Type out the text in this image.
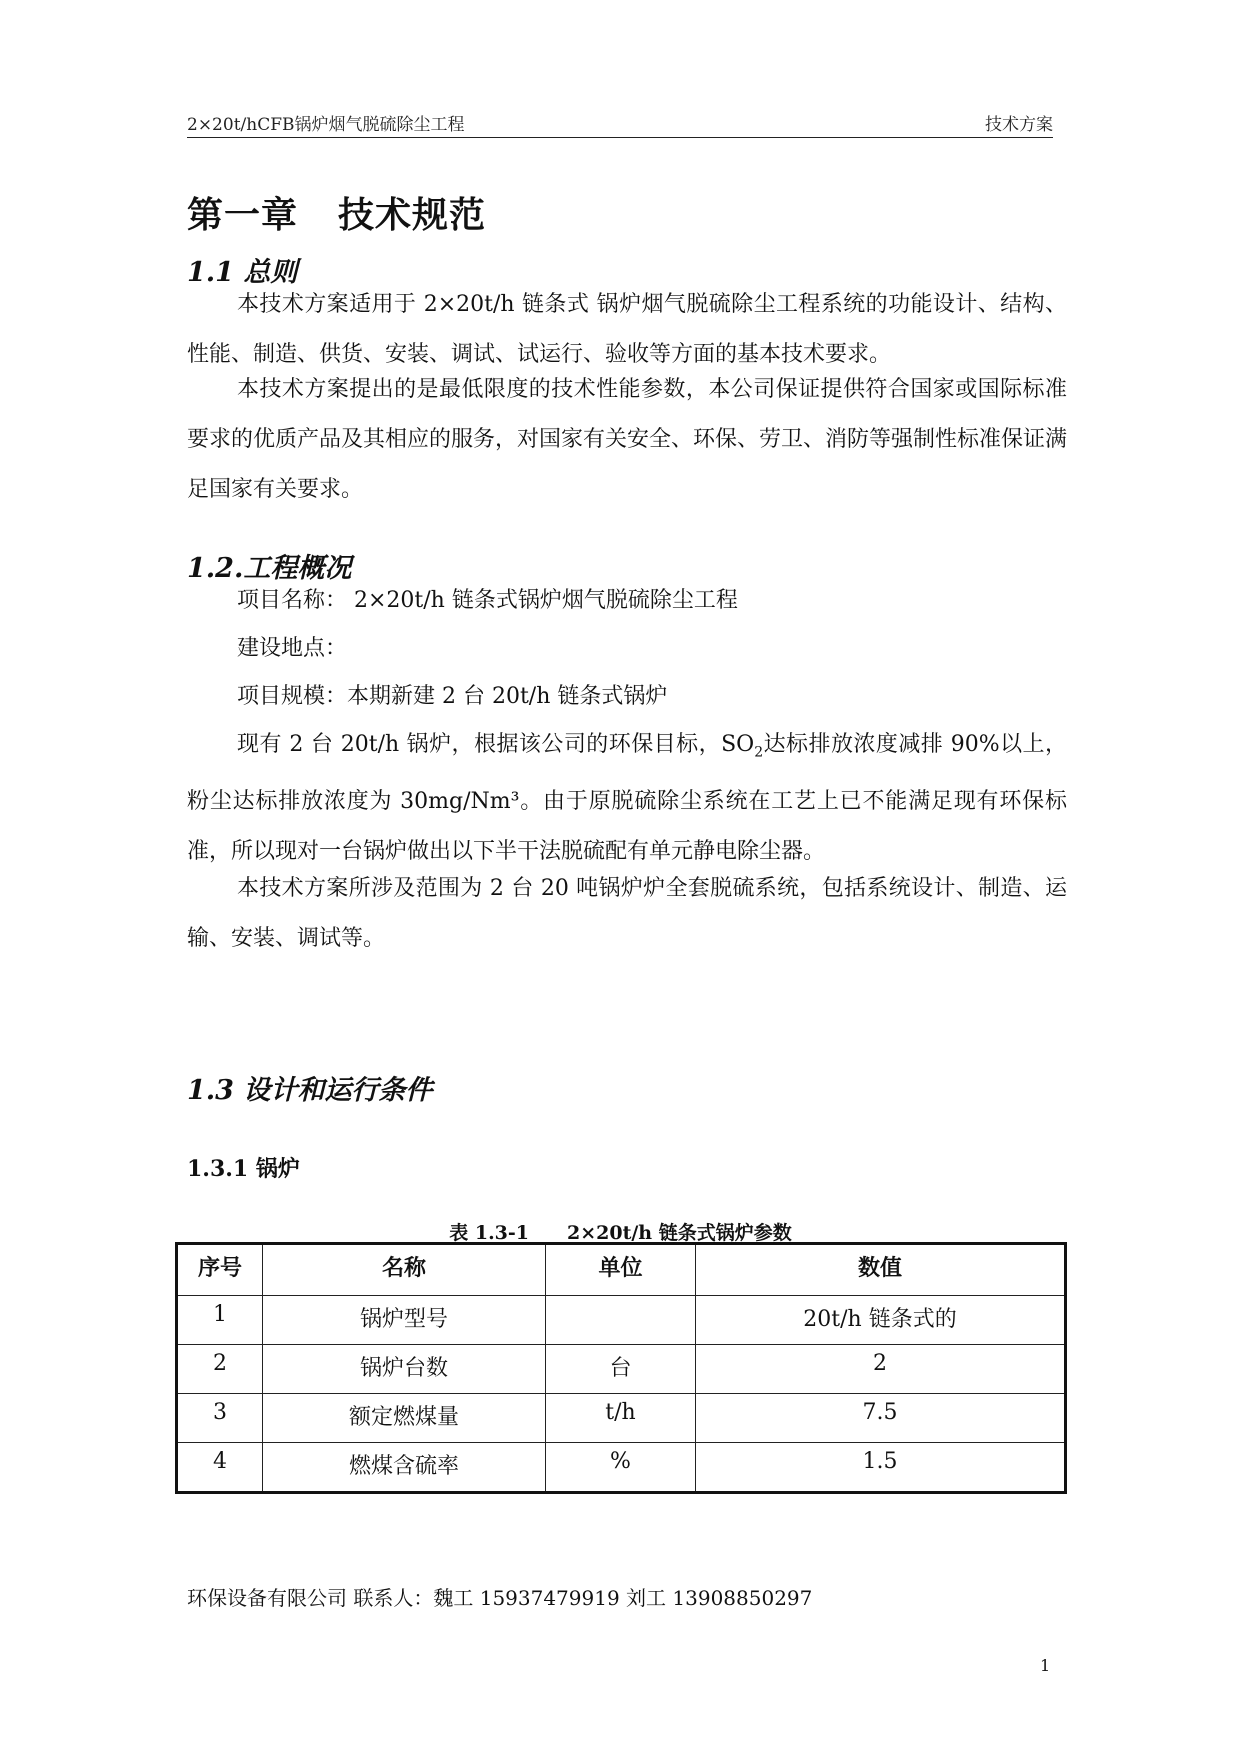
2×20t/hCFB锅炉烟气脱硫除尘工程	技术方案
第一章 技术规范
1.1 总则
本技术方案适用于 2×20t/h 链条式 锅炉烟气脱硫除尘工程系统的功能设计、结构、性能、制造、供货、安装、调试、试运行、验收等方面的基本技术要求。
本技术方案提出的是最低限度的技术性能参数，本公司保证提供符合国家或国际标准要求的优质产品及其相应的服务，对国家有关安全、环保、劳卫、消防等强制性标准保证满足国家有关要求。
1.2.工程概况
项目名称： 2×20t/h 链条式锅炉烟气脱硫除尘工程
建设地点：
项目规模：本期新建 2 台 20t/h 链条式锅炉
现有 2 台 20t/h 锅炉，根据该公司的环保目标，$SO_2$达标排放浓度减排 90%以上，粉尘达标排放浓度为 30mg/Nm³。由于原脱硫除尘系统在工艺上已不能满足现有环保标准，所以现对一台锅炉做出以下半干法脱硫配有单元静电除尘器。
本技术方案所涉及范围为 2 台 20 吨锅炉炉全套脱硫系统，包括系统设计、制造、运输、安装、调试等。
1.3 设计和运行条件
1.3.1 锅炉
表 1.3-1 2×20t/h 链条式锅炉参数
序号	名称	单位	数值
1	锅炉型号		20t/h 链条式的
2	锅炉台数	台	2
3	额定燃煤量	t/h	7.5
4	燃煤含硫率	%	1.5
环保设备有限公司 联系人：魏工 15937479919 刘工 13908850297
1
